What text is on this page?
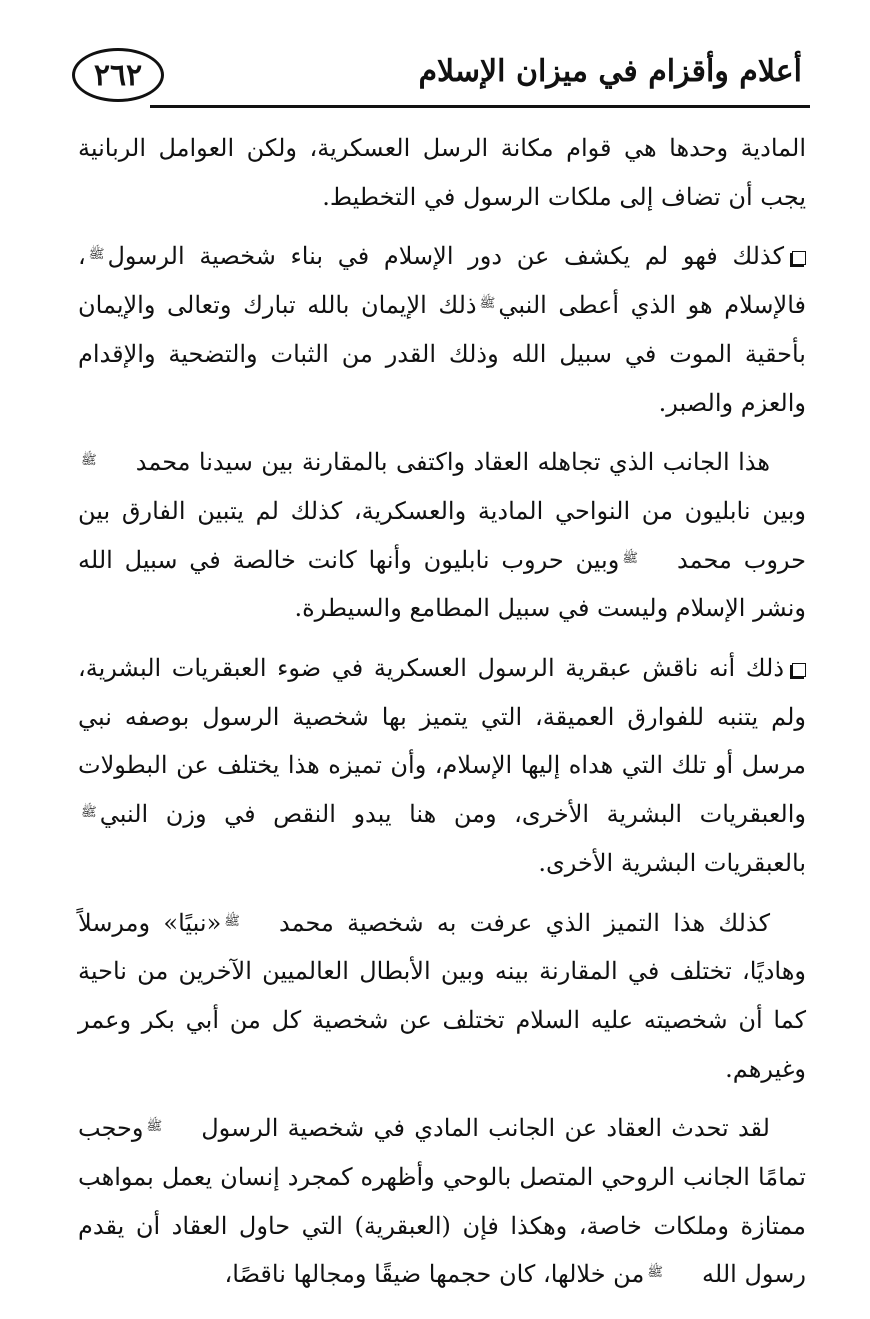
٢٦٢	أعلام وأقزام في ميزان الإسلام

المادية وحدها هي قوام مكانة الرسل العسكرية، ولكن العوامل الربانية يجب أن تضاف إلى ملكات الرسول في التخطيط.

كذلك فهو لم يكشف عن دور الإسلام في بناء شخصية الرسولﷺ، فالإسلام هو الذي أعطى النبيﷺذلك الإيمان بالله تبارك وتعالى والإيمان بأحقية الموت في سبيل الله وذلك القدر من الثبات والتضحية والإقدام والعزم والصبر.

هذا الجانب الذي تجاهله العقاد واكتفى بالمقارنة بين سيدنا محمدﷺوبين نابليون من النواحي المادية والعسكرية، كذلك لم يتبين الفارق بين حروب محمدﷺوبين حروب نابليون وأنها كانت خالصة في سبيل الله ونشر الإسلام وليست في سبيل المطامع والسيطرة.

ذلك أنه ناقش عبقرية الرسول العسكرية في ضوء العبقريات البشرية، ولم يتنبه للفوارق العميقة، التي يتميز بها شخصية الرسول بوصفه نبي مرسل أو تلك التي هداه إليها الإسلام، وأن تميزه هذا يختلف عن البطولات والعبقريات البشرية الأخرى، ومن هنا يبدو النقص في وزن النبيﷺبالعبقريات البشرية الأخرى.

كذلك هذا التميز الذي عرفت به شخصية محمدﷺ«نبيًا» ومرسلاً وهاديًا، تختلف في المقارنة بينه وبين الأبطال العالميين الآخرين من ناحية كما أن شخصيته عليه السلام تختلف عن شخصية كل من أبي بكر وعمر وغيرهم.

لقد تحدث العقاد عن الجانب المادي في شخصية الرسولﷺوحجب تمامًا الجانب الروحي المتصل بالوحي وأظهره كمجرد إنسان يعمل بمواهب ممتازة وملكات خاصة، وهكذا فإن (العبقرية) التي حاول العقاد أن يقدم رسول اللهﷺمن خلالها، كان حجمها ضيقًا ومجالها ناقصًا،
